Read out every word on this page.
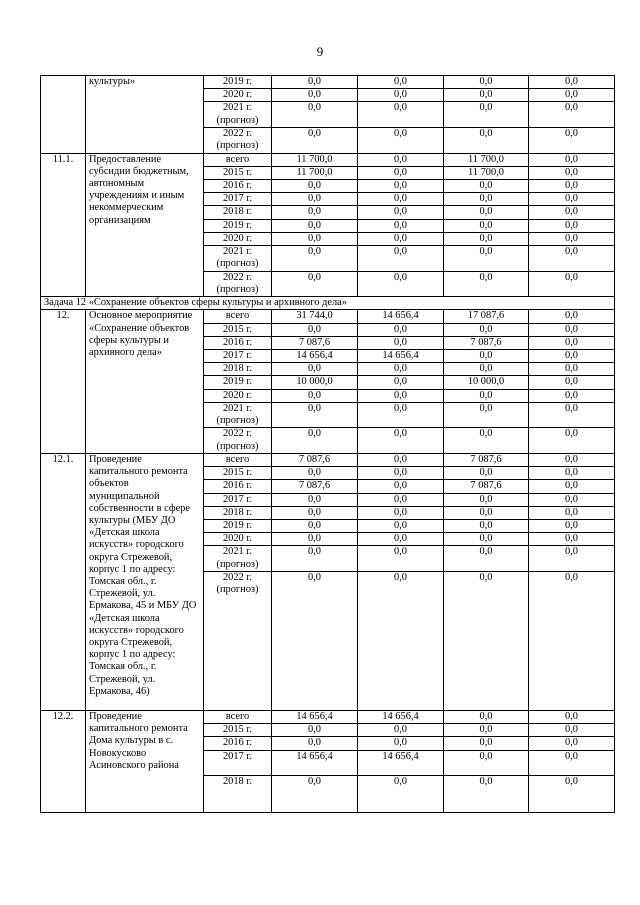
9
	культуры»	2019 г.	0,0	0,0	0,0	0,0
		2020 г.	0,0	0,0	0,0	0,0
		2021 г. (прогноз)	0,0	0,0	0,0	0,0
		2022 г. (прогноз)	0,0	0,0	0,0	0,0
11.1.	Предоставление субсидии бюджетным, автономным учреждениям и иным некоммерческим организациям	всего	11 700,0	0,0	11 700,0	0,0
		2015 г.	11 700,0	0,0	11 700,0	0,0
		2016 г.	0,0	0,0	0,0	0,0
		2017 г.	0,0	0,0	0,0	0,0
		2018 г.	0,0	0,0	0,0	0,0
		2019 г.	0,0	0,0	0,0	0,0
		2020 г.	0,0	0,0	0,0	0,0
		2021 г. (прогноз)	0,0	0,0	0,0	0,0
		2022 г. (прогноз)	0,0	0,0	0,0	0,0
Задача 12 «Сохранение объектов сферы культуры и архивного дела»						
12.	Основное мероприятие «Сохранение объектов сферы культуры и архивного дела»	всего	31 744,0	14 656,4	17 087,6	0,0
		2015 г.	0,0	0,0	0,0	0,0
		2016 г.	7 087,6	0,0	7 087,6	0,0
		2017 г.	14 656,4	14 656,4	0,0	0,0
		2018 г.	0,0	0,0	0,0	0,0
		2019 г.	10 000,0	0,0	10 000,0	0,0
		2020 г.	0,0	0,0	0,0	0,0
		2021 г. (прогноз)	0,0	0,0	0,0	0,0
		2022 г. (прогноз)	0,0	0,0	0,0	0,0
12.1.	Проведение капитального ремонта объектов муниципальной собственности в сфере культуры (МБУ ДО «Детская школа искусств» городского округа Стрежевой, корпус 1 по адресу: Томская обл., г. Стрежевой, ул. Ермакова, 45 и МБУ ДО «Детская школа искусств» городского округа Стрежевой, корпус 1 по адресу: Томская обл., г. Стрежевой, ул. Ермакова, 46)	всего	7 087,6	0,0	7 087,6	0,0
		2015 г.	0,0	0,0	0,0	0,0
		2016 г.	7 087,6	0,0	7 087,6	0,0
		2017 г.	0,0	0,0	0,0	0,0
		2018 г.	0,0	0,0	0,0	0,0
		2019 г.	0,0	0,0	0,0	0,0
		2020 г.	0,0	0,0	0,0	0,0
		2021 г. (прогноз)	0,0	0,0	0,0	0,0
		2022 г. (прогноз)	0,0	0,0	0,0	0,0
12.2.	Проведение капитального ремонта Дома культуры в с. Новокусково Асиновского района	всего	14 656,4	14 656,4	0,0	0,0
		2015 г.	0,0	0,0	0,0	0,0
		2016 г.	0,0	0,0	0,0	0,0
		2017 г.	14 656,4	14 656,4	0,0	0,0
		2018 г.	0,0	0,0	0,0	0,0
